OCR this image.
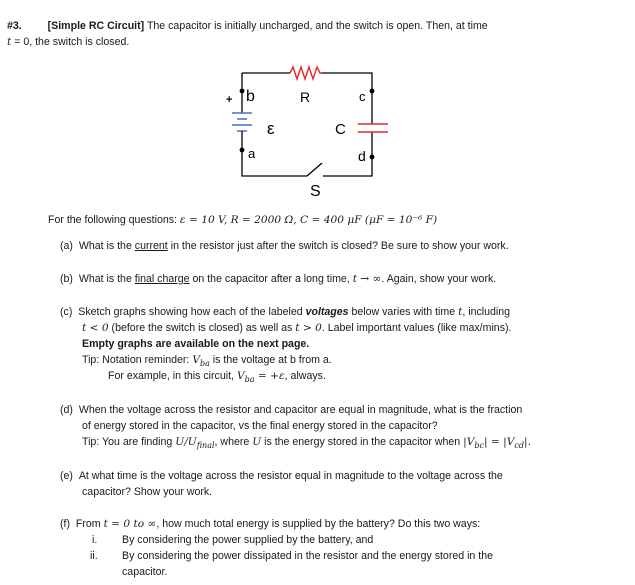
#3. [Simple RC Circuit] The capacitor is initially uncharged, and the switch is open. Then, at time
t = 0, the switch is closed.
+ b	R	c
ε	C
a	d
S
For the following questions: ε = 10 V, R = 2000 Ω, C = 400 μF (μF = 10⁻⁶ F)
(a) What is the current in the resistor just after the switch is closed? Be sure to show your work.
(b) What is the final charge on the capacitor after a long time, t → ∞. Again, show your work.
(c) Sketch graphs showing how each of the labeled voltages below varies with time t, including
t < 0 (before the switch is closed) as well as t > 0. Label important values (like max/mins).
Empty graphs are available on the next page.
Tip: Notation reminder: $V_{ba}$ is the voltage at b from a.
For example, in this circuit, $V_{ba} = +\varepsilon$, always.
(d) When the voltage across the resistor and capacitor are equal in magnitude, what is the fraction
of energy stored in the capacitor, vs the final energy stored in the capacitor?
Tip: You are finding $U/U_{final}$, where U is the energy stored in the capacitor when $|V_{bc}| = |V_{cd}|$.
(e) At what time is the voltage across the resistor equal in magnitude to the voltage across the
capacitor? Show your work.
(f) From t = 0 to ∞, how much total energy is supplied by the battery? Do this two ways:
i. By considering the power supplied by the battery, and
ii. By considering the power dissipated in the resistor and the energy stored in the
capacitor.
